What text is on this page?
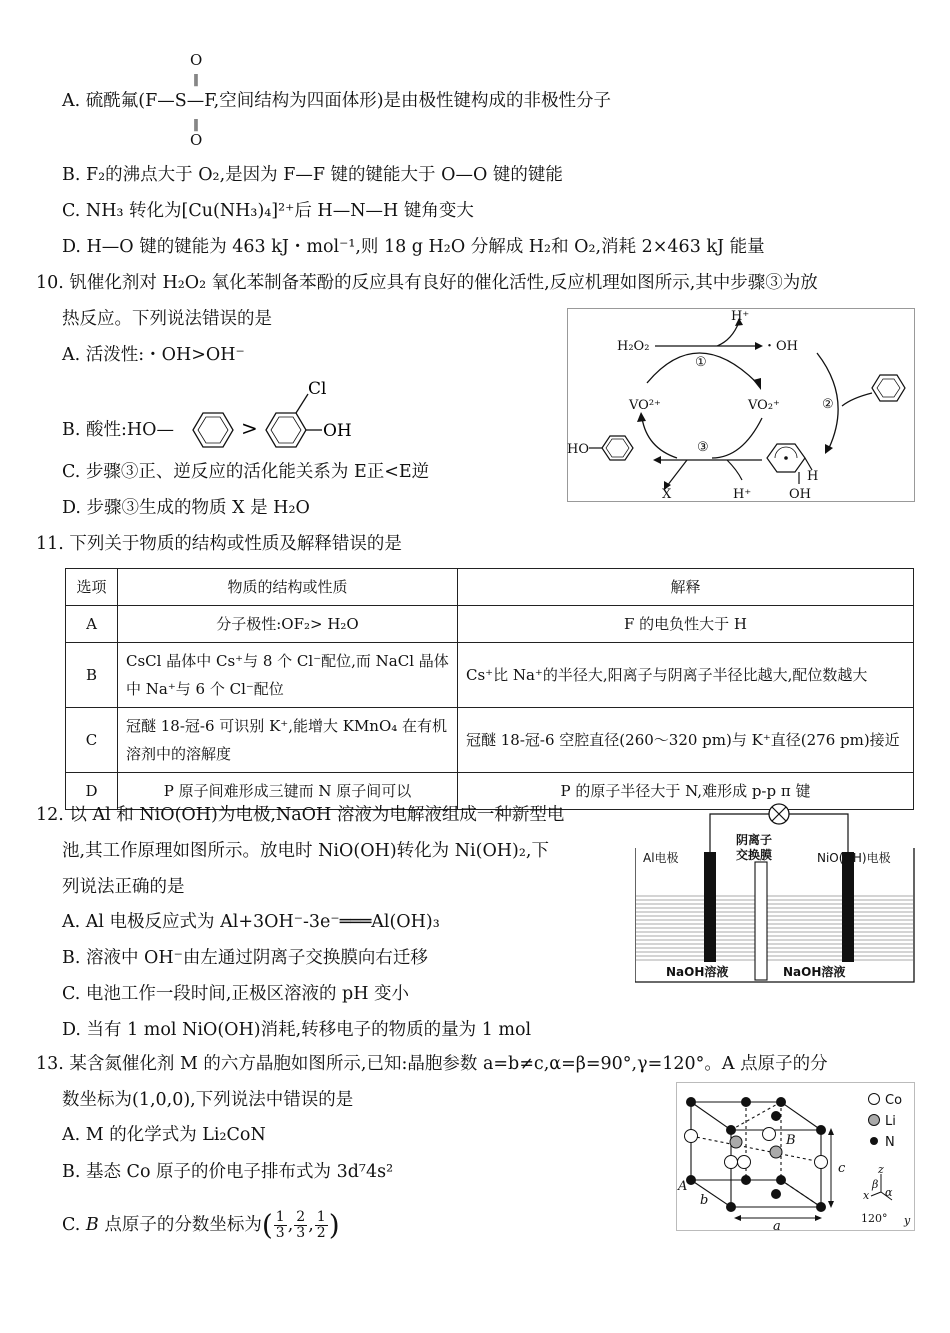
O
‖
A. 硫酰氟(F—S—F,空间结构为四面体形)是由极性键构成的非极性分子
‖
O
B. F₂的沸点大于 O₂,是因为 F—F 键的键能大于 O—O 键的键能
C. NH₃ 转化为[Cu(NH₃)₄]²⁺后 H—N—H 键角变大
D. H—O 键的键能为 463 kJ・mol⁻¹,则 18 g H₂O 分解成 H₂和 O₂,消耗 2×463 kJ 能量
10. 钒催化剂对 H₂O₂ 氧化苯制备苯酚的反应具有良好的催化活性,反应机理如图所示,其中步骤③为放
热反应。下列说法错误的是
A. 活泼性:・OH>OH⁻
B. 酸性:HO—	>
Cl
OH
C. 步骤③正、逆反应的活化能关系为 E正<E逆
D. 步骤③生成的物质 X 是 H₂O
H₂O₂
H⁺
・OH
①
VO²⁺	VO₂⁺
③
X	H⁺
HO
H
OH
②
11. 下列关于物质的结构或性质及解释错误的是
选项	物质的结构或性质	解释
A	分子极性:OF₂> H₂O	F 的电负性大于 H
B	CsCl 晶体中 Cs⁺与 8 个 Cl⁻配位,而 NaCl 晶体中 Na⁺与 6 个 Cl⁻配位	Cs⁺比 Na⁺的半径大,阳离子与阴离子半径比越大,配位数越大
C	冠醚 18-冠-6 可识别 K⁺,能增大 KMnO₄ 在有机溶剂中的溶解度	冠醚 18-冠-6 空腔直径(260～320 pm)与 K⁺直径(276 pm)接近
D	P 原子间难形成三键而 N 原子间可以	P 的原子半径大于 N,难形成 p-p π 键
12. 以 Al 和 NiO(OH)为电极,NaOH 溶液为电解液组成一种新型电
池,其工作原理如图所示。放电时 NiO(OH)转化为 Ni(OH)₂,下
列说法正确的是
A. Al 电极反应式为 Al+3OH⁻-3e⁻═══Al(OH)₃
B. 溶液中 OH⁻由左通过阴离子交换膜向右迁移
C. 电池工作一段时间,正极区溶液的 pH 变小
D. 当有 1 mol NiO(OH)消耗,转移电子的物质的量为 1 mol
Al电极
阴离子
交换膜	NiO(OH)电极
NaOH溶液	NaOH溶液
13. 某含氮催化剂 M 的六方晶胞如图所示,已知:晶胞参数 a=b≠c,α=β=90°,γ=120°。A 点原子的分
数坐标为(1,0,0),下列说法中错误的是
A. M 的化学式为 Li₂CoN
B. 基态 Co 原子的价电子排布式为 3d⁷4s²
C. B 点原子的分数坐标为( $\frac{1}{3}$ , $\frac{2}{3}$ , $\frac{1}{2}$ )
A
B
a
b
c
Co
Li
N
z
x
y
β
α
120°
